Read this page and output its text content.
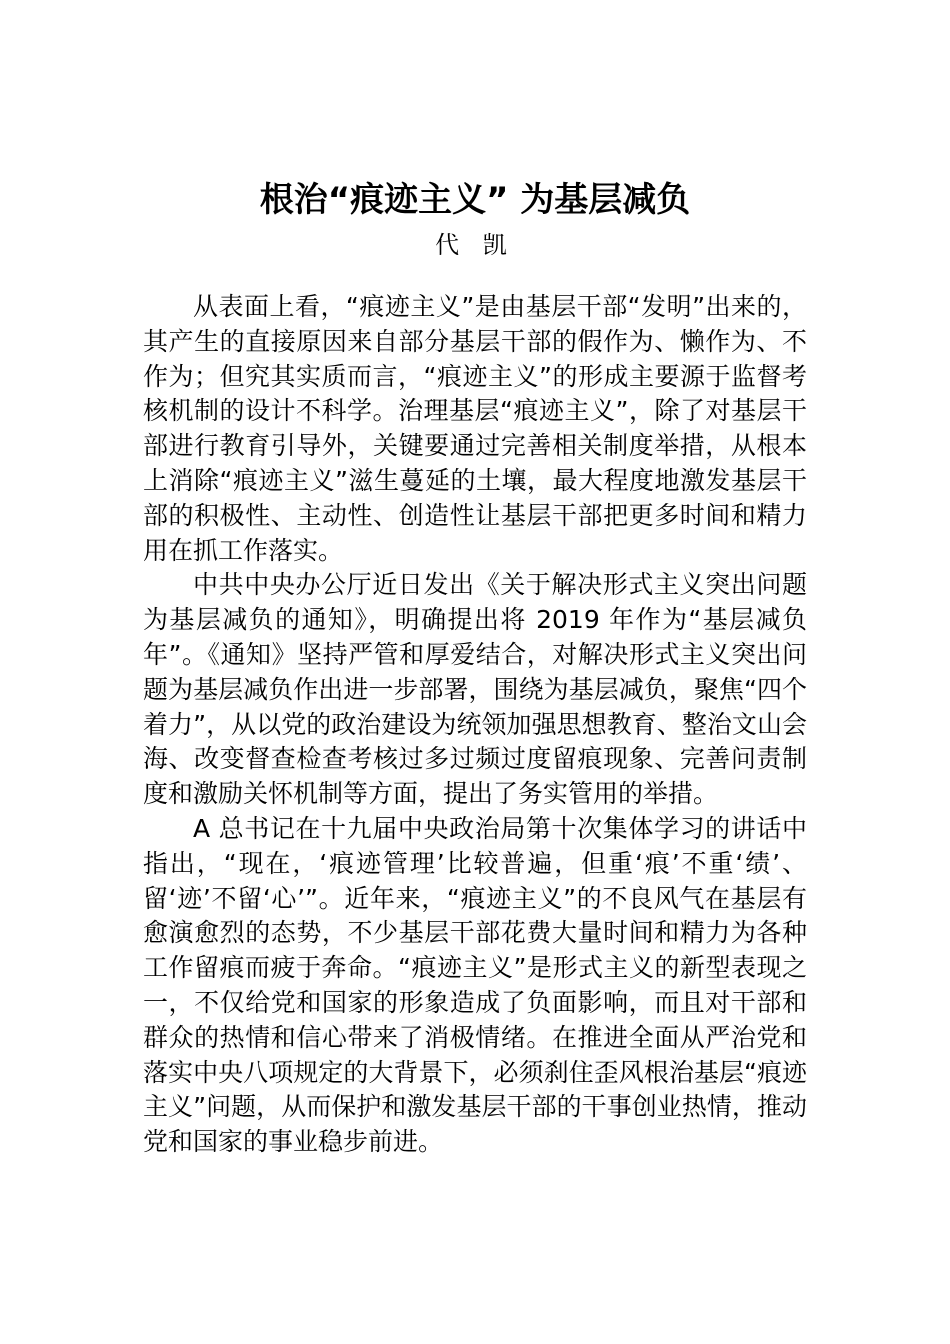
根治“痕迹主义” 为基层减负
代 凯

从表面上看，“痕迹主义”是由基层干部“发明”出来的，其产生的直接原因来自部分基层干部的假作为、懒作为、不作为；但究其实质而言，“痕迹主义”的形成主要源于监督考核机制的设计不科学。治理基层“痕迹主义”，除了对基层干部进行教育引导外，关键要通过完善相关制度举措，从根本上消除“痕迹主义”滋生蔓延的土壤，最大程度地激发基层干部的积极性、主动性、创造性让基层干部把更多时间和精力用在抓工作落实。

中共中央办公厅近日发出《关于解决形式主义突出问题为基层减负的通知》，明确提出将 2019 年作为“基层减负年”。《通知》坚持严管和厚爱结合，对解决形式主义突出问题为基层减负作出进一步部署，围绕为基层减负，聚焦“四个着力”，从以党的政治建设为统领加强思想教育、整治文山会海、改变督查检查考核过多过频过度留痕现象、完善问责制度和激励关怀机制等方面，提出了务实管用的举措。

A 总书记在十九届中央政治局第十次集体学习的讲话中指出，“现在，‘痕迹管理’比较普遍，但重‘痕’不重‘绩’、留‘迹’不留‘心’”。近年来，“痕迹主义”的不良风气在基层有愈演愈烈的态势，不少基层干部花费大量时间和精力为各种工作留痕而疲于奔命。“痕迹主义”是形式主义的新型表现之一，不仅给党和国家的形象造成了负面影响，而且对干部和群众的热情和信心带来了消极情绪。在推进全面从严治党和落实中央八项规定的大背景下，必须刹住歪风根治基层“痕迹主义”问题，从而保护和激发基层干部的干事创业热情，推动党和国家的事业稳步前进。
